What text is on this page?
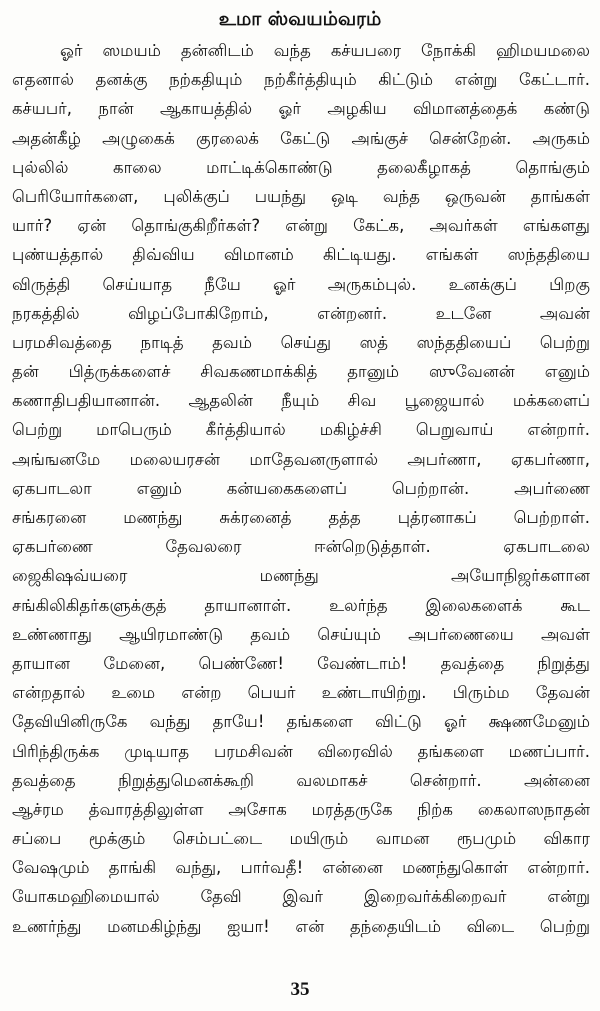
உமா ஸ்வயம்வரம்
ஓர் ஸமயம் தன்னிடம் வந்த கச்யபரை நோக்கி ஹிமயமலை
எதனால் தனக்கு நற்கதியும் நற்கீர்த்தியும் கிட்டும் என்று கேட்டார்.
கச்யபர், நான் ஆகாயத்தில் ஓர் அழகிய விமானத்தைக் கண்டு
அதன்கீழ் அழுகைக் குரலைக் கேட்டு அங்குச் சென்றேன். அருகம்
புல்லில் காலை மாட்டிக்கொண்டு தலைகீழாகத் தொங்கும்
பெரியோர்களை, புலிக்குப் பயந்து ஒடி வந்த ஒருவன் தாங்கள்
யார்? ஏன் தொங்குகிறீர்கள்? என்று கேட்க, அவர்கள் எங்களது
புண்யத்தால் திவ்விய விமானம் கிட்டியது. எங்கள் ஸந்ததியை
விருத்தி செய்யாத நீயே ஓர் அருகம்புல். உனக்குப் பிறகு
நரகத்தில் விழப்போகிறோம், என்றனர். உடனே அவன்
பரமசிவத்தை நாடித் தவம் செய்து ஸத் ஸந்ததியைப் பெற்று
தன் பித்ருக்களைச் சிவகணமாக்கித் தானும் ஸுவேனன் எனும்
கணாதிபதியானான். ஆதலின் நீயும் சிவ பூஜையால் மக்களைப்
பெற்று மாபெரும் கீர்த்தியால் மகிழ்ச்சி பெறுவாய் என்றார்.
அங்ஙனமே மலையரசன் மாதேவனருளால் அபர்ணா, ஏகபர்ணா,
ஏகபாடலா எனும் கன்யகைகளைப் பெற்றான். அபர்ணை
சங்கரனை மணந்து சுக்ரனைத் தத்த புத்ரனாகப் பெற்றாள்.
ஏகபர்ணை தேவலரை ஈன்றெடுத்தாள். ஏகபாடலை
ஜைகிஷவ்யரை மணந்து அயோநிஜர்களான
சங்கிலிகிதர்களுக்குத் தாயானாள். உலர்ந்த இலைகளைக் கூட
உண்ணாது ஆயிரமாண்டு தவம் செய்யும் அபர்ணையை அவள்
தாயான மேனை, பெண்ணே! வேண்டாம்! தவத்தை நிறுத்து
என்றதால் உமை என்ற பெயர் உண்டாயிற்று. பிரும்ம தேவன்
தேவியினிருகே வந்து தாயே! தங்களை விட்டு ஓர் க்ஷணமேனும்
பிரிந்திருக்க முடியாத பரமசிவன் விரைவில் தங்களை மணப்பார்.
தவத்தை நிறுத்துமெனக்கூறி வலமாகச் சென்றார். அன்னை
ஆச்ரம த்வாரத்திலுள்ள அசோக மரத்தருகே நிற்க கைலாஸநாதன்
சப்பை மூக்கும் செம்பட்டை மயிரும் வாமன ரூபமும் விகார
வேஷமும் தாங்கி வந்து, பார்வதீ! என்னை மணந்துகொள் என்றார்.
யோகமஹிமையால் தேவி இவர் இறைவர்க்கிறைவர் என்று
உணர்ந்து மனமகிழ்ந்து ஐயா! என் தந்தையிடம் விடை பெற்று
35
